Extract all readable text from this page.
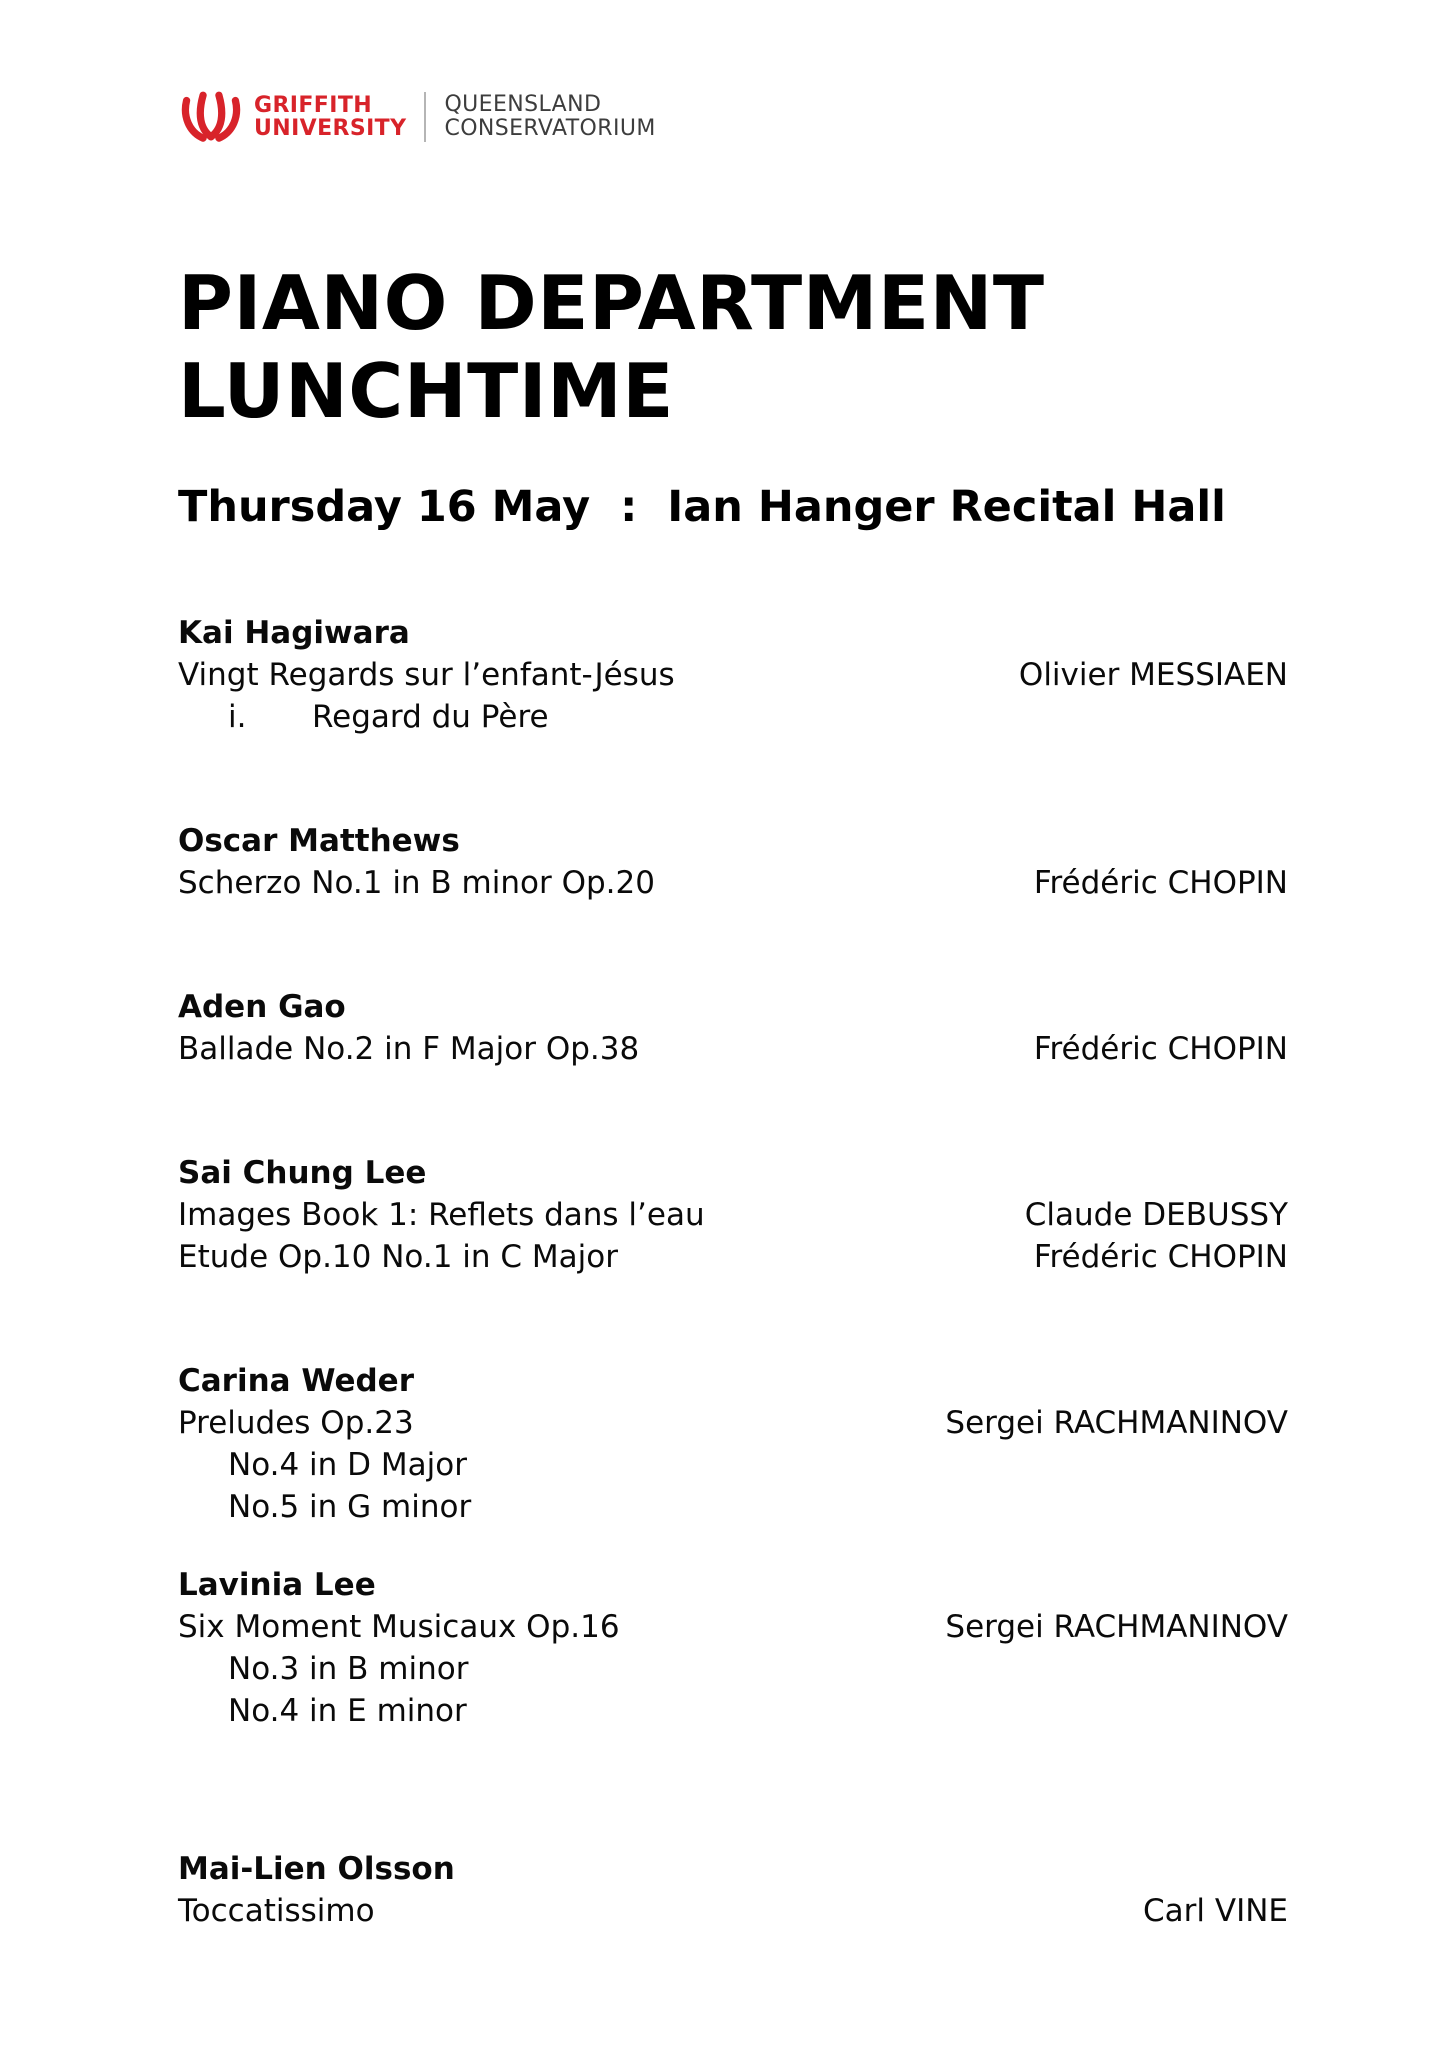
GRIFFITH
UNIVERSITY
QUEENSLAND
CONSERVATORIUM
PIANO DEPARTMENT
LUNCHTIME
Thursday 16 May  :  Ian Hanger Recital Hall
Kai Hagiwara
Vingt Regards sur l’enfant-Jésus	Olivier MESSIAEN
i. Regard du Père
Oscar Matthews
Scherzo No.1 in B minor Op.20	Frédéric CHOPIN
Aden Gao
Ballade No.2 in F Major Op.38	Frédéric CHOPIN
Sai Chung Lee
Images Book 1: Reflets dans l’eau	Claude DEBUSSY
Etude Op.10 No.1 in C Major	Frédéric CHOPIN
Carina Weder
Preludes Op.23	Sergei RACHMANINOV
No.4 in D Major
No.5 in G minor
Lavinia Lee
Six Moment Musicaux Op.16	Sergei RACHMANINOV
No.3 in B minor
No.4 in E minor
Mai-Lien Olsson
Toccatissimo	Carl VINE
